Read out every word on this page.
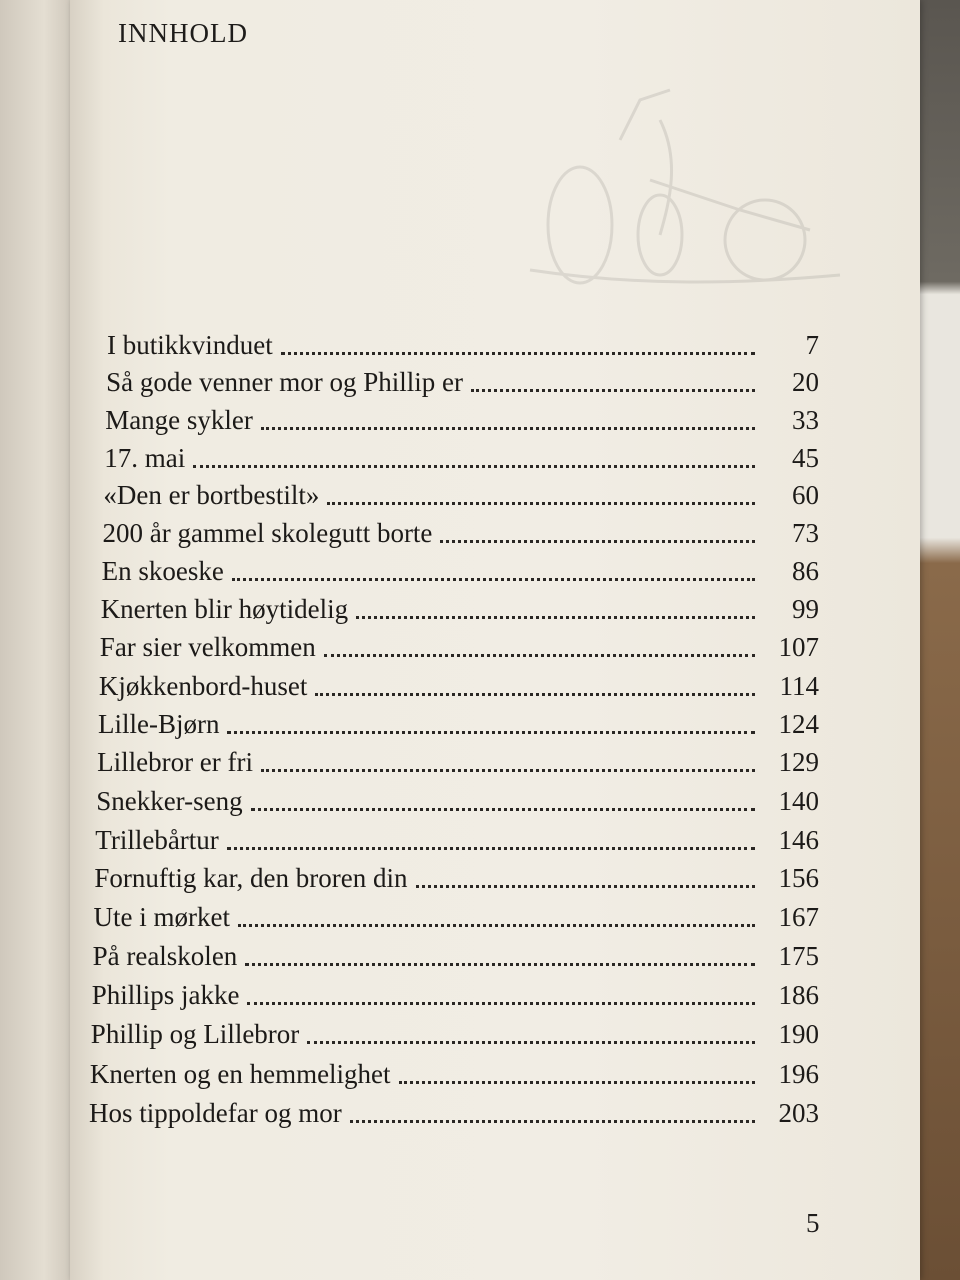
INNHOLD
I butikkvinduet	7
Så gode venner mor og Phillip er	20
Mange sykler	33
17. mai	45
«Den er bortbestilt»	60
200 år gammel skolegutt borte	73
En skoeske	86
Knerten blir høytidelig	99
Far sier velkommen	107
Kjøkkenbord-huset	114
Lille-Bjørn	124
Lillebror er fri	129
Snekker-seng	140
Trillebårtur	146
Fornuftig kar, den broren din	156
Ute i mørket	167
På realskolen	175
Phillips jakke	186
Phillip og Lillebror	190
Knerten og en hemmelighet	196
Hos tippoldefar og mor	203
5
